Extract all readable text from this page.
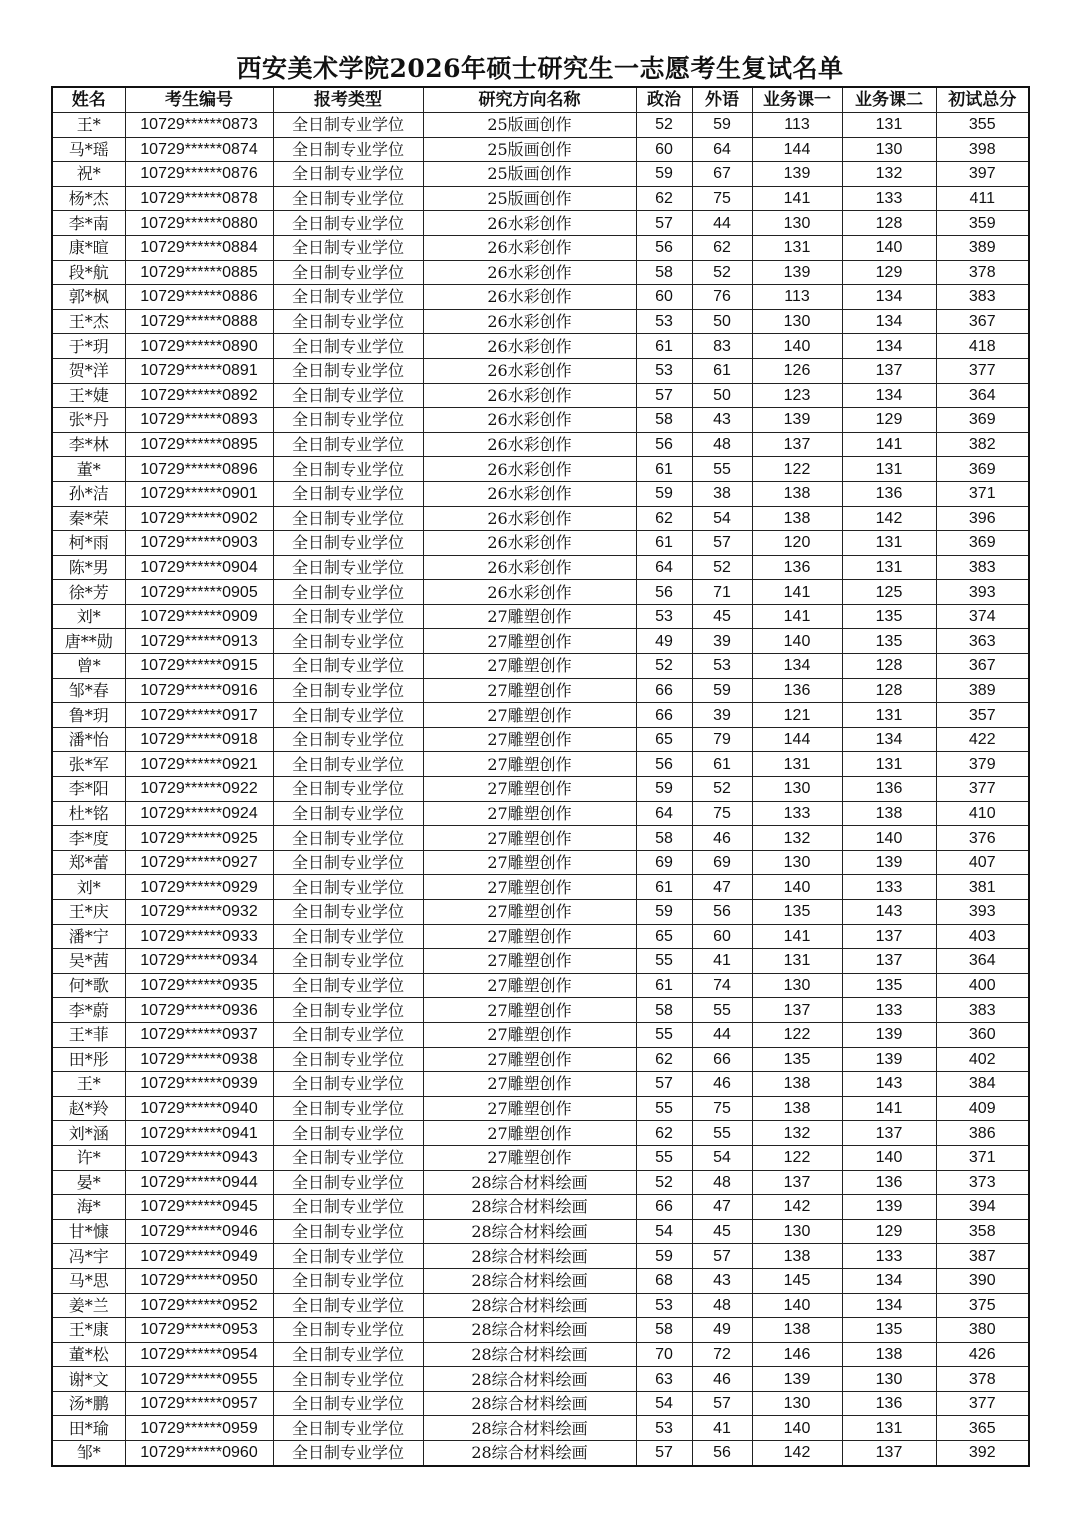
西安美术学院2026年硕士研究生一志愿考生复试名单
姓名	考生编号	报考类型	研究方向名称	政治	外语	业务课一	业务课二	初试总分
王*	10729******0873	全日制专业学位	25版画创作	52	59	113	131	355
马*瑶	10729******0874	全日制专业学位	25版画创作	60	64	144	130	398
祝*	10729******0876	全日制专业学位	25版画创作	59	67	139	132	397
杨*杰	10729******0878	全日制专业学位	25版画创作	62	75	141	133	411
李*南	10729******0880	全日制专业学位	26水彩创作	57	44	130	128	359
康*暄	10729******0884	全日制专业学位	26水彩创作	56	62	131	140	389
段*航	10729******0885	全日制专业学位	26水彩创作	58	52	139	129	378
郭*枫	10729******0886	全日制专业学位	26水彩创作	60	76	113	134	383
王*杰	10729******0888	全日制专业学位	26水彩创作	53	50	130	134	367
于*玥	10729******0890	全日制专业学位	26水彩创作	61	83	140	134	418
贺*洋	10729******0891	全日制专业学位	26水彩创作	53	61	126	137	377
王*婕	10729******0892	全日制专业学位	26水彩创作	57	50	123	134	364
张*丹	10729******0893	全日制专业学位	26水彩创作	58	43	139	129	369
李*林	10729******0895	全日制专业学位	26水彩创作	56	48	137	141	382
董*	10729******0896	全日制专业学位	26水彩创作	61	55	122	131	369
孙*洁	10729******0901	全日制专业学位	26水彩创作	59	38	138	136	371
秦*荣	10729******0902	全日制专业学位	26水彩创作	62	54	138	142	396
柯*雨	10729******0903	全日制专业学位	26水彩创作	61	57	120	131	369
陈*男	10729******0904	全日制专业学位	26水彩创作	64	52	136	131	383
徐*芳	10729******0905	全日制专业学位	26水彩创作	56	71	141	125	393
刘*	10729******0909	全日制专业学位	27雕塑创作	53	45	141	135	374
唐**勋	10729******0913	全日制专业学位	27雕塑创作	49	39	140	135	363
曾*	10729******0915	全日制专业学位	27雕塑创作	52	53	134	128	367
邹*春	10729******0916	全日制专业学位	27雕塑创作	66	59	136	128	389
鲁*玥	10729******0917	全日制专业学位	27雕塑创作	66	39	121	131	357
潘*怡	10729******0918	全日制专业学位	27雕塑创作	65	79	144	134	422
张*军	10729******0921	全日制专业学位	27雕塑创作	56	61	131	131	379
李*阳	10729******0922	全日制专业学位	27雕塑创作	59	52	130	136	377
杜*铭	10729******0924	全日制专业学位	27雕塑创作	64	75	133	138	410
李*度	10729******0925	全日制专业学位	27雕塑创作	58	46	132	140	376
郑*蕾	10729******0927	全日制专业学位	27雕塑创作	69	69	130	139	407
刘*	10729******0929	全日制专业学位	27雕塑创作	61	47	140	133	381
王*庆	10729******0932	全日制专业学位	27雕塑创作	59	56	135	143	393
潘*宁	10729******0933	全日制专业学位	27雕塑创作	65	60	141	137	403
吴*茜	10729******0934	全日制专业学位	27雕塑创作	55	41	131	137	364
何*歌	10729******0935	全日制专业学位	27雕塑创作	61	74	130	135	400
李*蔚	10729******0936	全日制专业学位	27雕塑创作	58	55	137	133	383
王*菲	10729******0937	全日制专业学位	27雕塑创作	55	44	122	139	360
田*彤	10729******0938	全日制专业学位	27雕塑创作	62	66	135	139	402
王*	10729******0939	全日制专业学位	27雕塑创作	57	46	138	143	384
赵*羚	10729******0940	全日制专业学位	27雕塑创作	55	75	138	141	409
刘*涵	10729******0941	全日制专业学位	27雕塑创作	62	55	132	137	386
许*	10729******0943	全日制专业学位	27雕塑创作	55	54	122	140	371
晏*	10729******0944	全日制专业学位	28综合材料绘画	52	48	137	136	373
海*	10729******0945	全日制专业学位	28综合材料绘画	66	47	142	139	394
甘*慷	10729******0946	全日制专业学位	28综合材料绘画	54	45	130	129	358
冯*宇	10729******0949	全日制专业学位	28综合材料绘画	59	57	138	133	387
马*思	10729******0950	全日制专业学位	28综合材料绘画	68	43	145	134	390
姜*兰	10729******0952	全日制专业学位	28综合材料绘画	53	48	140	134	375
王*康	10729******0953	全日制专业学位	28综合材料绘画	58	49	138	135	380
董*松	10729******0954	全日制专业学位	28综合材料绘画	70	72	146	138	426
谢*文	10729******0955	全日制专业学位	28综合材料绘画	63	46	139	130	378
汤*鹏	10729******0957	全日制专业学位	28综合材料绘画	54	57	130	136	377
田*瑜	10729******0959	全日制专业学位	28综合材料绘画	53	41	140	131	365
邹*	10729******0960	全日制专业学位	28综合材料绘画	57	56	142	137	392
